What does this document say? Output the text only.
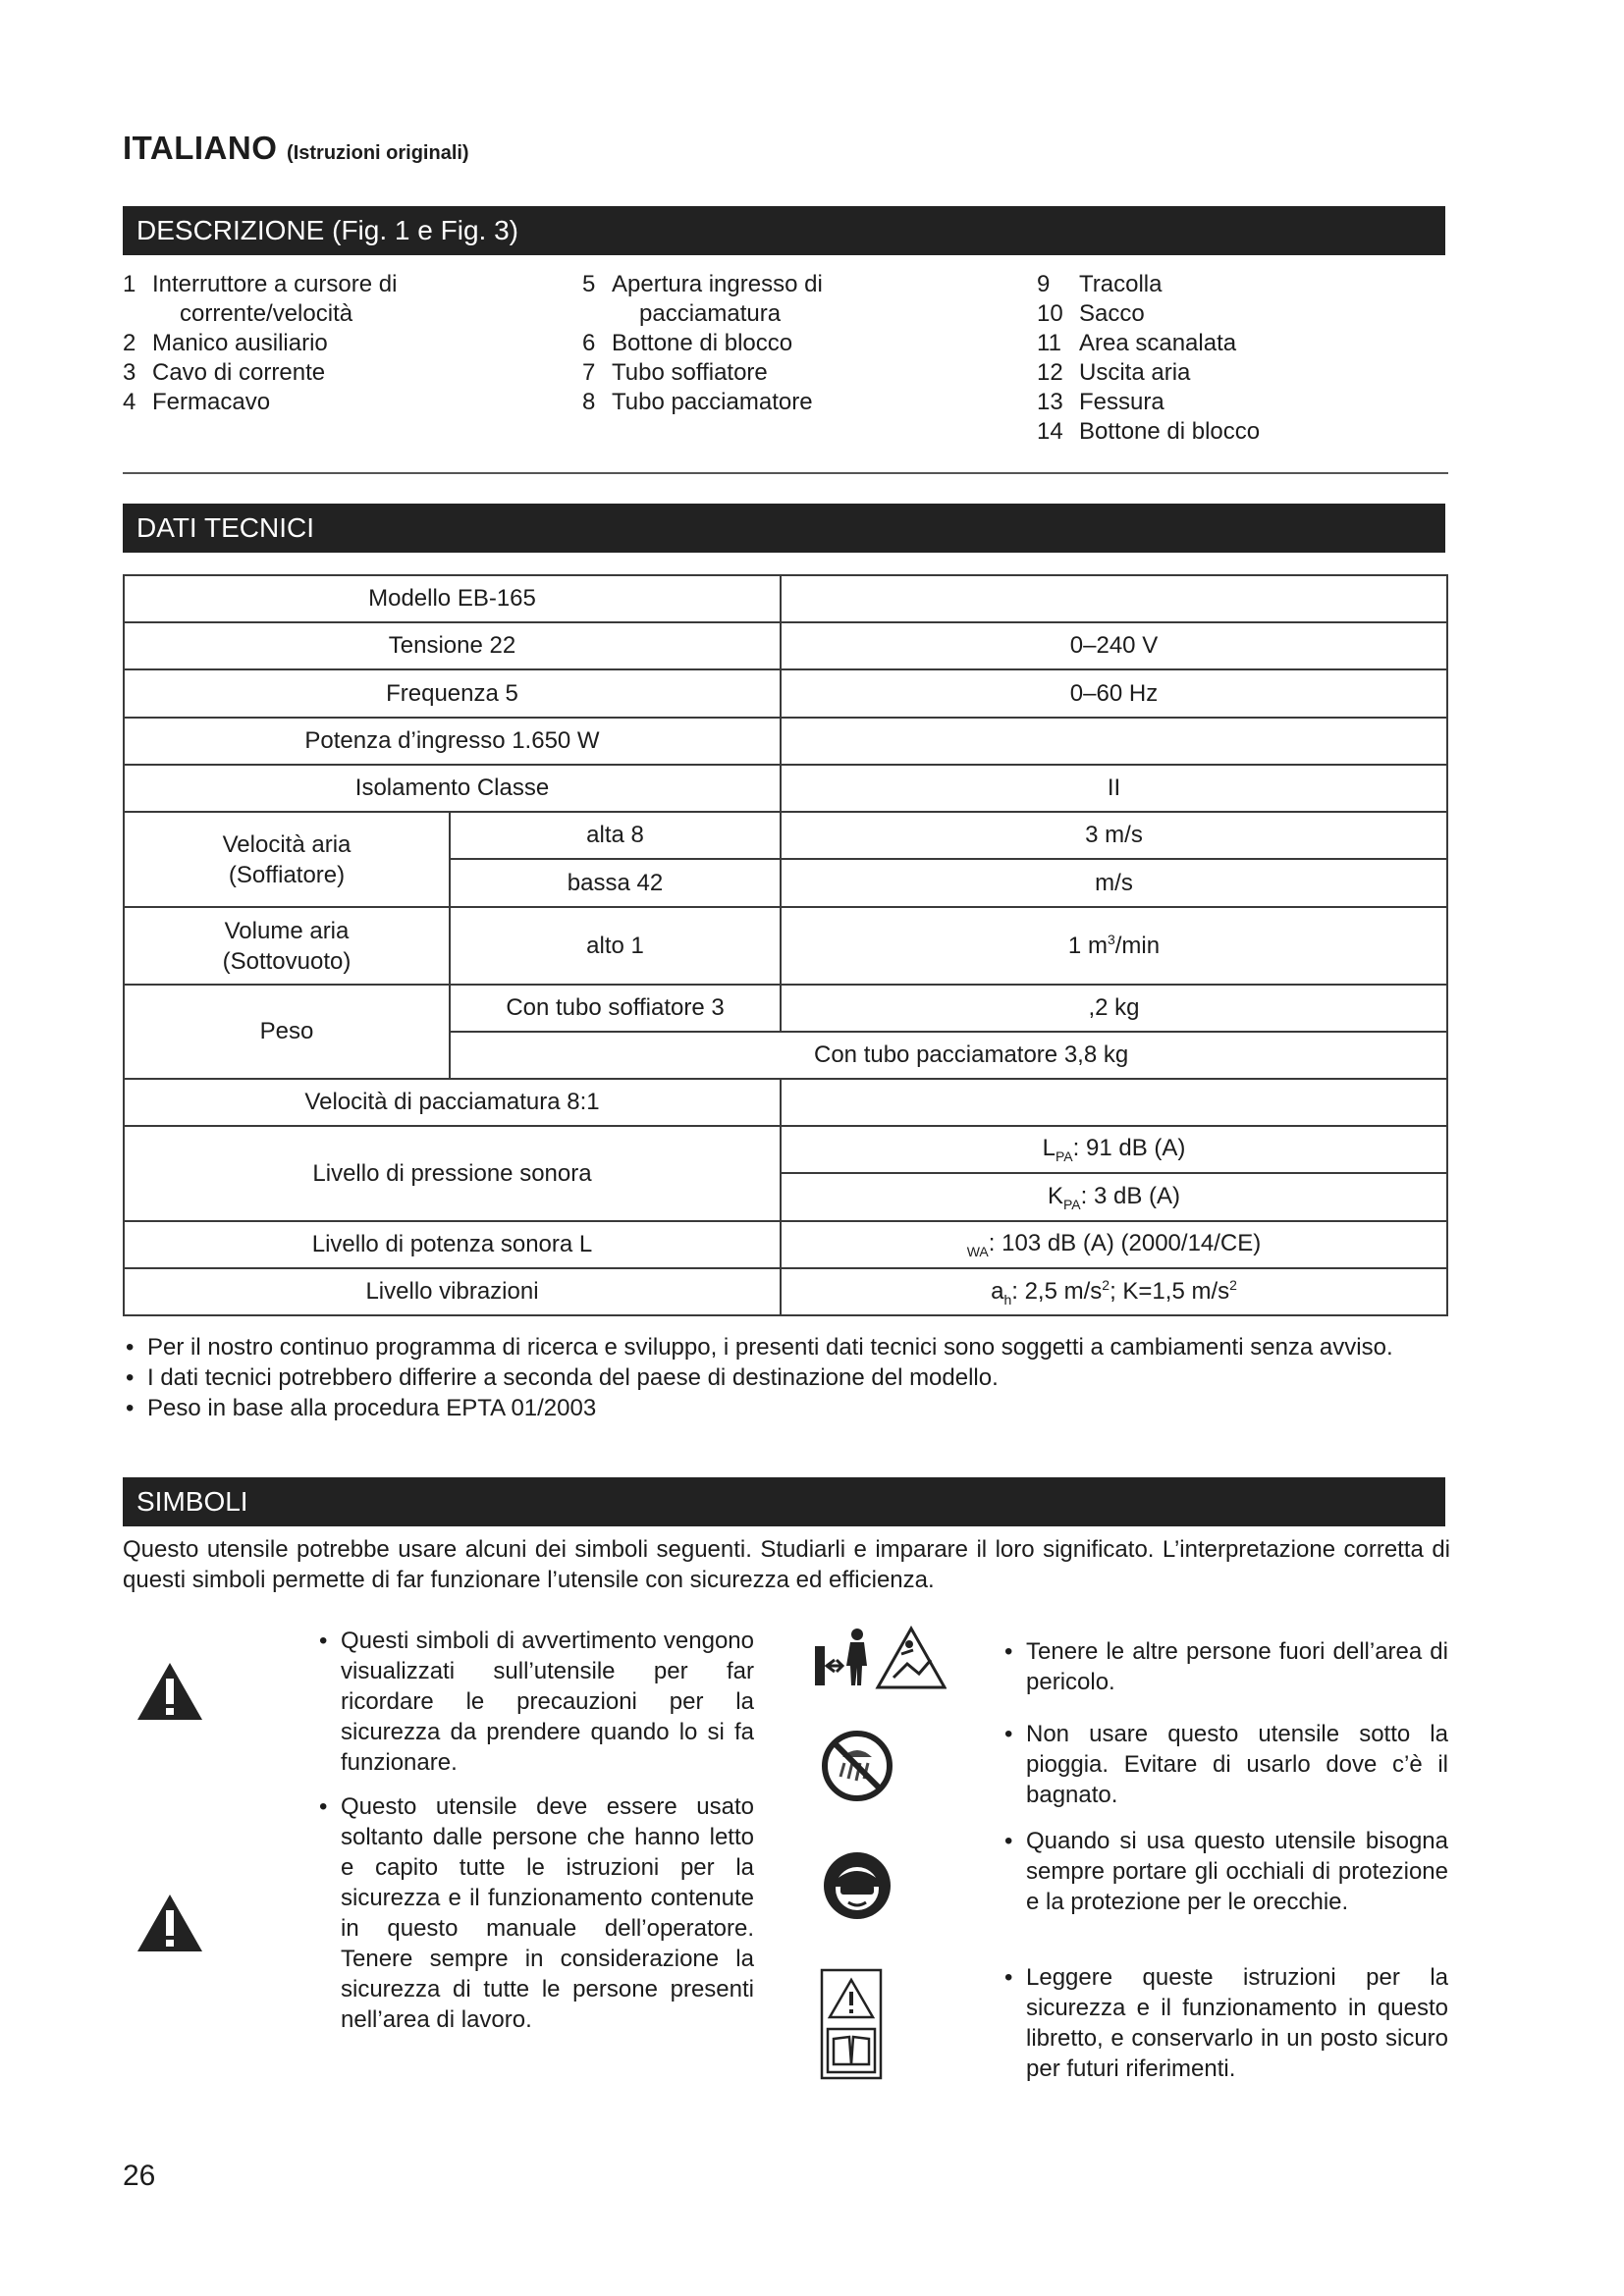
ITALIANO (Istruzioni originali)
DESCRIZIONE (Fig. 1 e Fig. 3)
1 Interruttore a cursore di
corrente/velocità
2 Manico ausiliario
3 Cavo di corrente
4 Fermacavo
5 Apertura ingresso di
pacciamatura
6 Bottone di blocco
7 Tubo soffiatore
8 Tubo pacciamatore
9	Tracolla
10 Sacco
11 Area scanalata
12 Uscita aria
13 Fessura
14 Bottone di blocco
DATI TECNICI
Modello EB-165		
Tensione 22		0–240 V
Frequenza 5		0–60 Hz
Potenza d’ingresso 1.650 W		
Isolamento Classe		II

Velocità aria
(Soffiatore)	alta 8	3 m/s
	bassa 42	m/s

Volume aria
(Sottovuoto)	alto 1	1 $m^3/\min$
Peso	Con tubo soffiatore 3	,2 kg
	Con tubo pacciamatore 3,8 kg	
Velocità di pacciamatura 8:1		
Livello di pressione sonora		$L_{PA}$: 91 dB (A)
		$K_{PA}$: 3 dB (A)
Livello di potenza sonora L		$_{WA}$: 103 dB (A) (2000/14/CE)
Livello vibrazioni		$a_h$: 2,5 $m/s^2$; K=1,5 $m/s^2$
• Per il nostro continuo programma di ricerca e sviluppo, i presenti dati tecnici sono soggetti a cambiamenti senza avviso.
• I dati tecnici potrebbero differire a seconda del paese di destinazione del modello.
• Peso in base alla procedura EPTA 01/2003
SIMBOLI
Questo utensile potrebbe usare alcuni dei simboli seguenti. Studiarli e imparare il loro significato. L’interpretazione corretta di questi simboli permette di far funzionare l’utensile con sicurezza ed efficienza.
• Questi simboli di avvertimento vengono visualizzati sull’utensile per far ricordare le precauzioni per la sicurezza da prendere quando lo si fa funzionare.
• Questo utensile deve essere usato soltanto dalle persone che hanno letto e capito tutte le istruzioni per la sicurezza e il funzionamento contenute in questo manuale dell’operatore. Tenere sempre in considerazione la sicurezza di tutte le persone presenti nell’area di lavoro.
• Tenere le altre persone fuori dell’area di pericolo.
• Non usare questo utensile sotto la pioggia. Evitare di usarlo dove c’è il bagnato.
• Quando si usa questo utensile bisogna sempre portare gli occhiali di protezione e la protezione per le orecchie.
• Leggere queste istruzioni per la sicurezza e il funzionamento in questo libretto, e conservarlo in un posto sicuro per futuri riferimenti.
26
